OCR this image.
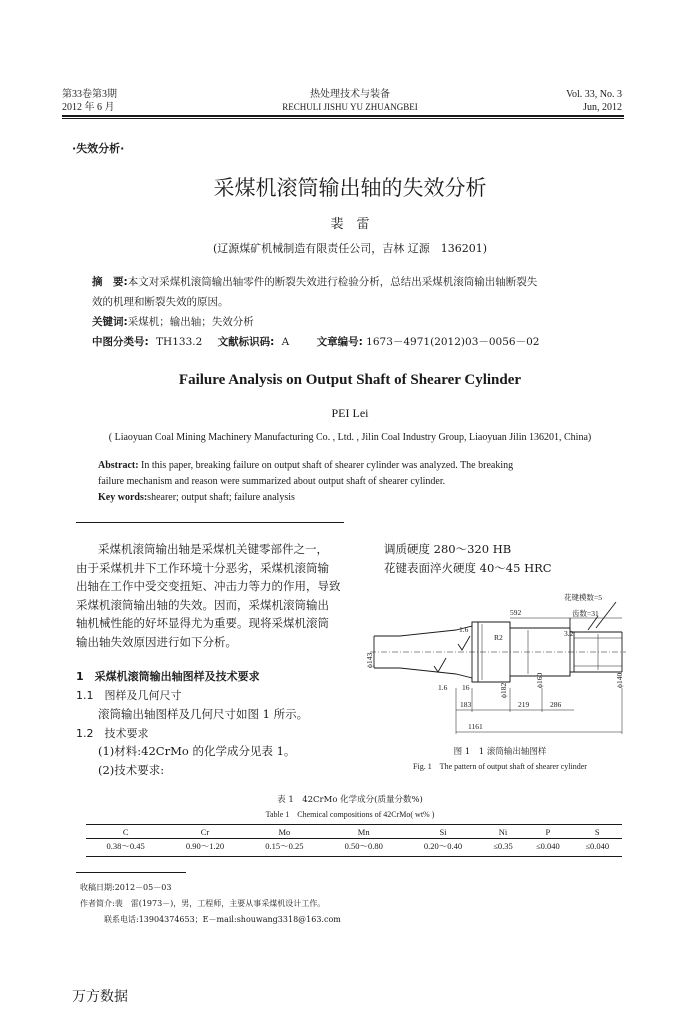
第33卷第3期
2012 年 6 月
热处理技术与装备
RECHULI JISHU YU ZHUANGBEI
Vol. 33, No. 3
Jun, 2012
·失效分析·
采煤机滚筒输出轴的失效分析
裴　雷
(辽源煤矿机械制造有限责任公司，吉林 辽源　136201)
摘　要:本文对采煤机滚筒输出轴零件的断裂失效进行检验分析，总结出采煤机滚筒输出轴断裂失
效的机理和断裂失效的原因。
关键词:采煤机；输出轴；失效分析
中图分类号: TH133.2 文献标识码: A	文章编号: 1673－4971(2012)03－0056－02
Failure Analysis on Output Shaft of Shearer Cylinder
PEI Lei
( Liaoyuan Coal Mining Machinery Manufacturing Co. , Ltd. , Jilin Coal Industry Group, Liaoyuan Jilin 136201, China)
Abstract: In this paper, breaking failure on output shaft of shearer cylinder was analyzed. The breaking
failure mechanism and reason were summarized about output shaft of shearer cylinder.
Key words:shearer; output shaft; failure analysis
采煤机滚筒输出轴是采煤机关键零部件之一，
由于采煤机井下工作环境十分恶劣，采煤机滚筒输
出轴在工作中受交变扭矩、冲击力等力的作用，导致
采煤机滚筒输出轴的失效。因而，采煤机滚筒输出
轴机械性能的好坏显得尤为重要。现将采煤机滚筒
输出轴失效原因进行如下分析。
1　采煤机滚筒输出轴图样及技术要求
1.1　图样及几何尺寸
滚筒输出轴图样及几何尺寸如图 1 所示。
1.2　技术要求
(1)材料:42CrMo 的化学成分见表 1。
(2)技术要求:
调质硬度 280～320 HB
花键表面淬火硬度 40～45 HRC
花键模数=5
齿数=31
592
1.6
R2	3.2
ϕ143
1.6 16	ϕ182
ϕ160	ϕ140
183	219	286
1161
图 1　1 滚筒输出轴图样
Fig. 1　The pattern of output shaft of shearer cylinder
表 1　42CrMo 化学成分(质量分数%)
Table 1　Chemical compositions of 42CrMo( wt% )
C	Cr	Mo	Mn	Si	Ni	P	S
0.38～0.45	0.90～1.20	0.15～0.25	0.50～0.80	0.20～0.40	≤0.35	≤0.040	≤0.040
收稿日期:2012－05－03
作者简介:裴　雷(1973－)，男，工程师，主要从事采煤机设计工作。
联系电话:13904374653；E－mail:shouwang3318@163.com
万方数据
